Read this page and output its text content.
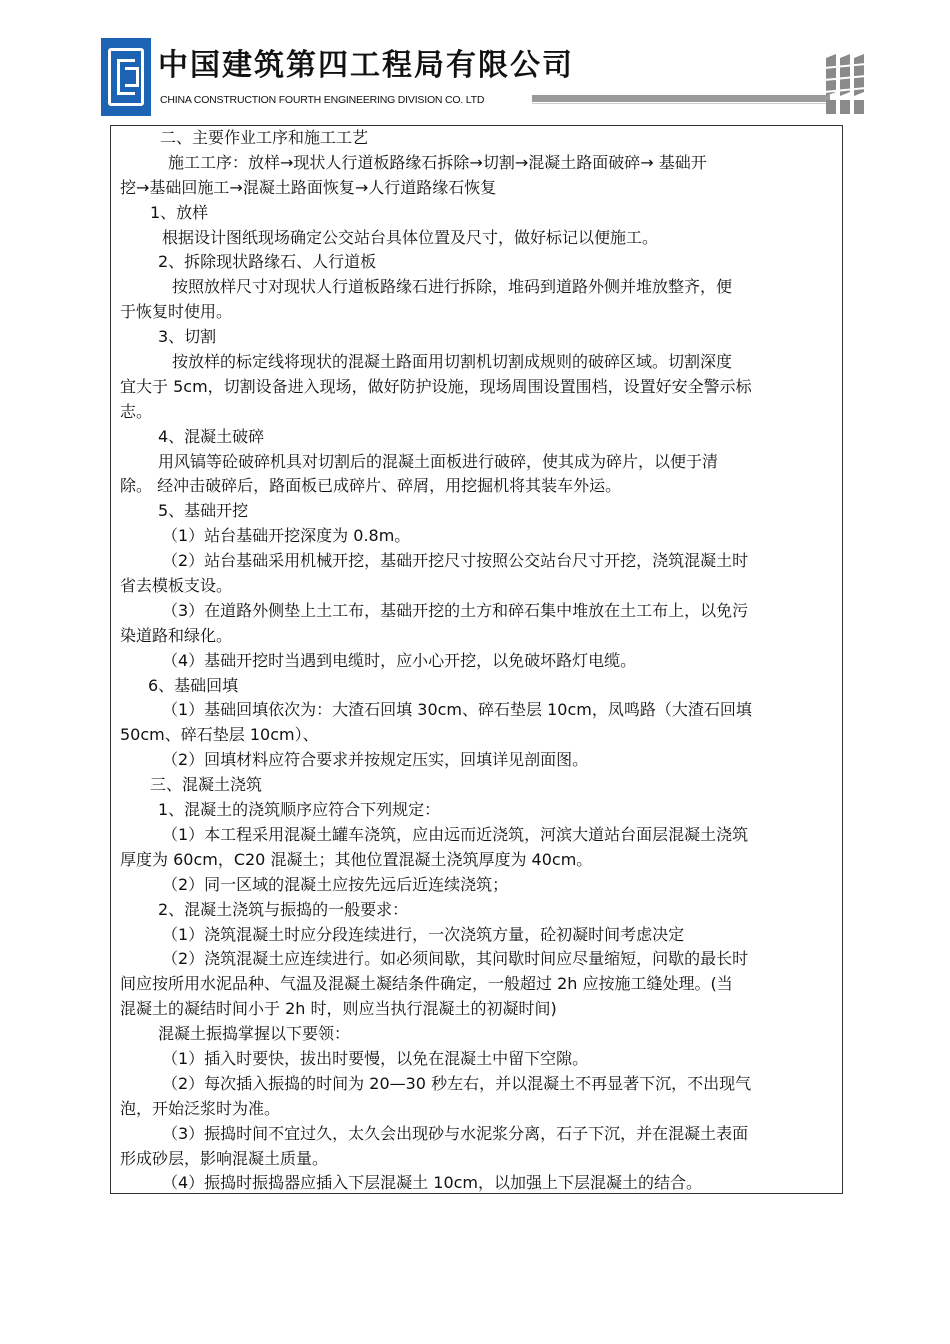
中国建筑第四工程局有限公司
CHINA CONSTRUCTION FOURTH ENGINEERING DIVISION CO. LTD
二、主要作业工序和施工工艺
施工工序：放样→现状人行道板路缘石拆除→切割→混凝土路面破碎→ 基础开
挖→基础回施工→混凝土路面恢复→人行道路缘石恢复
1、放样
根据设计图纸现场确定公交站台具体位置及尺寸，做好标记以便施工。
2、拆除现状路缘石、人行道板
按照放样尺寸对现状人行道板路缘石进行拆除，堆码到道路外侧并堆放整齐，便
于恢复时使用。
3、切割
按放样的标定线将现状的混凝土路面用切割机切割成规则的破碎区域。切割深度
宜大于 5cm，切割设备进入现场，做好防护设施，现场周围设置围档，设置好安全警示标
志。
4、混凝土破碎
用风镐等砼破碎机具对切割后的混凝土面板进行破碎，使其成为碎片，以便于清
除。 经冲击破碎后，路面板已成碎片、碎屑，用挖掘机将其装车外运。
5、基础开挖
（1）站台基础开挖深度为 0.8m。
（2）站台基础采用机械开挖，基础开挖尺寸按照公交站台尺寸开挖，浇筑混凝土时
省去模板支设。
（3）在道路外侧垫上土工布，基础开挖的土方和碎石集中堆放在土工布上，以免污
染道路和绿化。
（4）基础开挖时当遇到电缆时，应小心开挖，以免破坏路灯电缆。
6、基础回填
（1）基础回填依次为：大渣石回填 30cm、碎石垫层 10cm，凤鸣路（大渣石回填
50cm、碎石垫层 10cm）、
（2）回填材料应符合要求并按规定压实，回填详见剖面图。
三、混凝土浇筑
1、混凝土的浇筑顺序应符合下列规定：
（1）本工程采用混凝土罐车浇筑，应由远而近浇筑，河滨大道站台面层混凝土浇筑
厚度为 60cm，C20 混凝土；其他位置混凝土浇筑厚度为 40cm。
（2）同一区域的混凝土应按先远后近连续浇筑；
2、混凝土浇筑与振捣的一般要求：
（1）浇筑混凝土时应分段连续进行，一次浇筑方量，砼初凝时间考虑决定
（2）浇筑混凝土应连续进行。如必须间歇，其问歇时间应尽量缩短，问歇的最长时
间应按所用水泥品种、气温及混凝土凝结条件确定，一般超过 2h 应按施工缝处理。(当
混凝土的凝结时间小于 2h 时，则应当执行混凝土的初凝时间)
混凝土振捣掌握以下要领：
（1）插入时要快，拔出时要慢，以免在混凝土中留下空隙。
（2）每次插入振捣的时间为 20—30 秒左右，并以混凝土不再显著下沉，不出现气
泡，开始泛浆时为准。
（3）振捣时间不宜过久，太久会出现砂与水泥浆分离，石子下沉，并在混凝土表面
形成砂层，影响混凝土质量。
（4）振捣时振捣器应插入下层混凝土 10cm，以加强上下层混凝土的结合。
